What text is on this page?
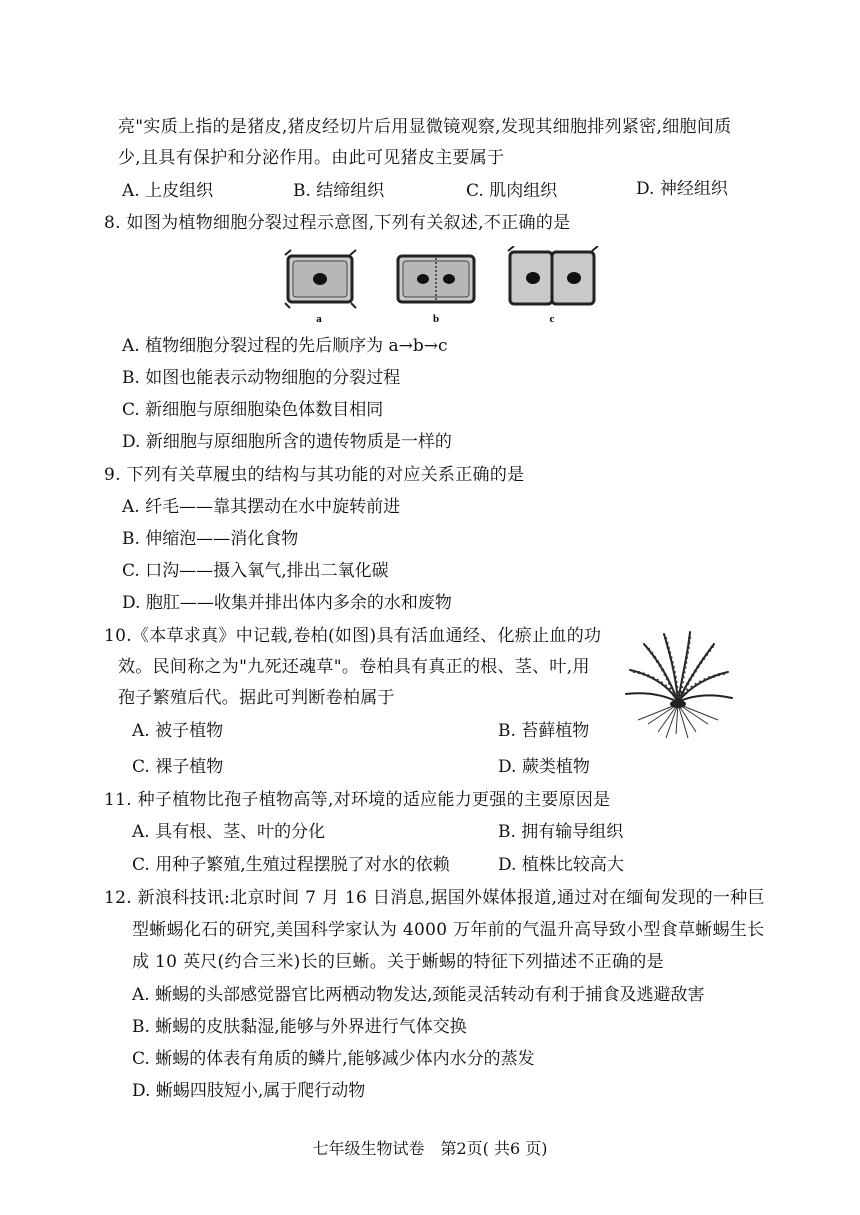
亮"实质上指的是猪皮,猪皮经切片后用显微镜观察,发现其细胞排列紧密,细胞间质
少,且具有保护和分泌作用。由此可见猪皮主要属于
A. 上皮组织	B. 结缔组织	C. 肌肉组织	D. 神经组织
8. 如图为植物细胞分裂过程示意图,下列有关叙述,不正确的是
a	b	c
A. 植物细胞分裂过程的先后顺序为 a→b→c
B. 如图也能表示动物细胞的分裂过程
C. 新细胞与原细胞染色体数目相同
D. 新细胞与原细胞所含的遗传物质是一样的
9. 下列有关草履虫的结构与其功能的对应关系正确的是
A. 纤毛——靠其摆动在水中旋转前进
B. 伸缩泡——消化食物
C. 口沟——摄入氧气,排出二氧化碳
D. 胞肛——收集并排出体内多余的水和废物
10.《本草求真》中记载,卷柏(如图)具有活血通经、化瘀止血的功
效。民间称之为"九死还魂草"。卷柏具有真正的根、茎、叶,用
孢子繁殖后代。据此可判断卷柏属于
A. 被子植物	B. 苔藓植物
C. 裸子植物	D. 蕨类植物
11. 种子植物比孢子植物高等,对环境的适应能力更强的主要原因是
A. 具有根、茎、叶的分化	B. 拥有输导组织
C. 用种子繁殖,生殖过程摆脱了对水的依赖	D. 植株比较高大
12. 新浪科技讯:北京时间 7 月 16 日消息,据国外媒体报道,通过对在缅甸发现的一种巨
型蜥蜴化石的研究,美国科学家认为 4000 万年前的气温升高导致小型食草蜥蜴生长
成 10 英尺(约合三米)长的巨蜥。关于蜥蜴的特征下列描述不正确的是
A. 蜥蜴的头部感觉器官比两栖动物发达,颈能灵活转动有利于捕食及逃避敌害
B. 蜥蜴的皮肤黏湿,能够与外界进行气体交换
C. 蜥蜴的体表有角质的鳞片,能够减少体内水分的蒸发
D. 蜥蜴四肢短小,属于爬行动物
七年级生物试卷　第2页( 共6 页)
